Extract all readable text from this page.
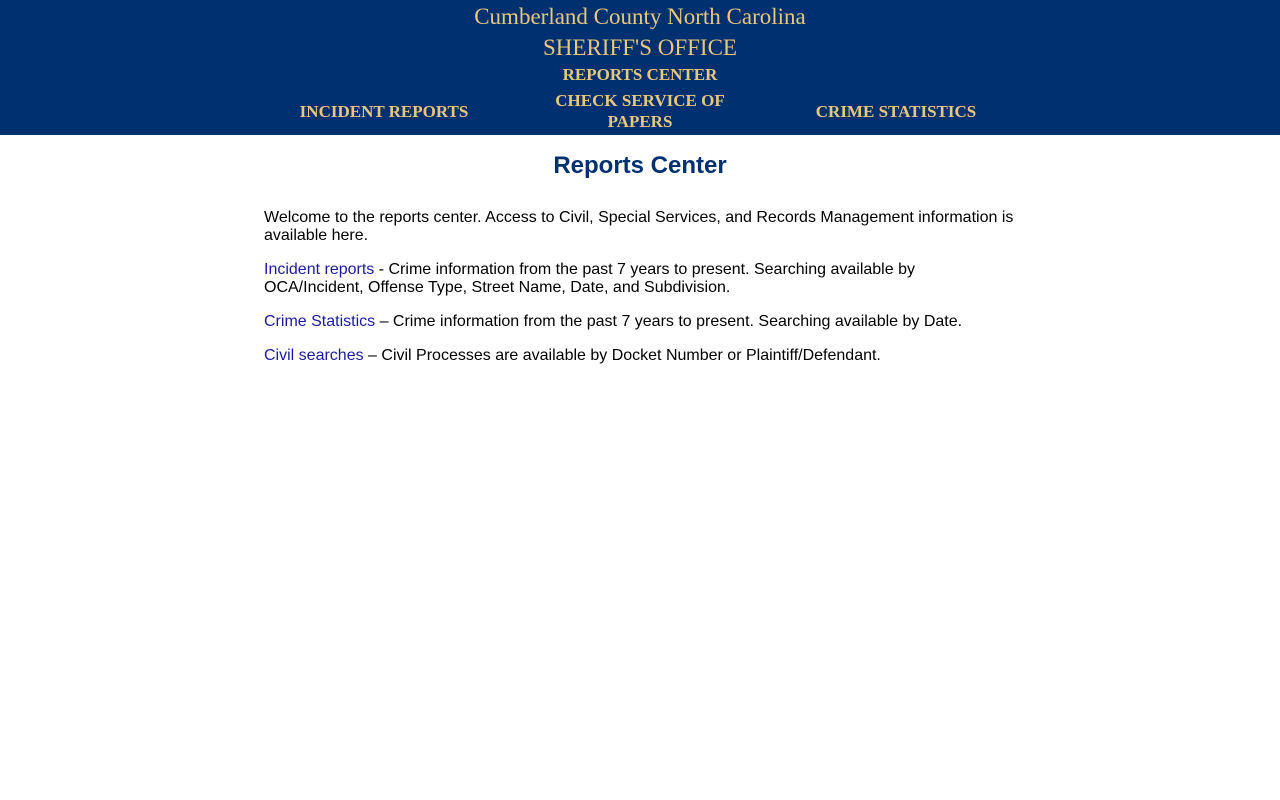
Cumberland County North Carolina
SHERIFF'S OFFICE
REPORTS CENTER
INCIDENT REPORTS
CHECK SERVICE OF PAPERS
CRIME STATISTICS
Reports Center

Welcome to the reports center. Access to Civil, Special Services, and Records Management information is available here.

Incident reports - Crime information from the past 7 years to present. Searching available by OCA/Incident, Offense Type, Street Name, Date, and Subdivision.

Crime Statistics – Crime information from the past 7 years to present. Searching available by Date.

Civil searches – Civil Processes are available by Docket Number or Plaintiff/Defendant.
